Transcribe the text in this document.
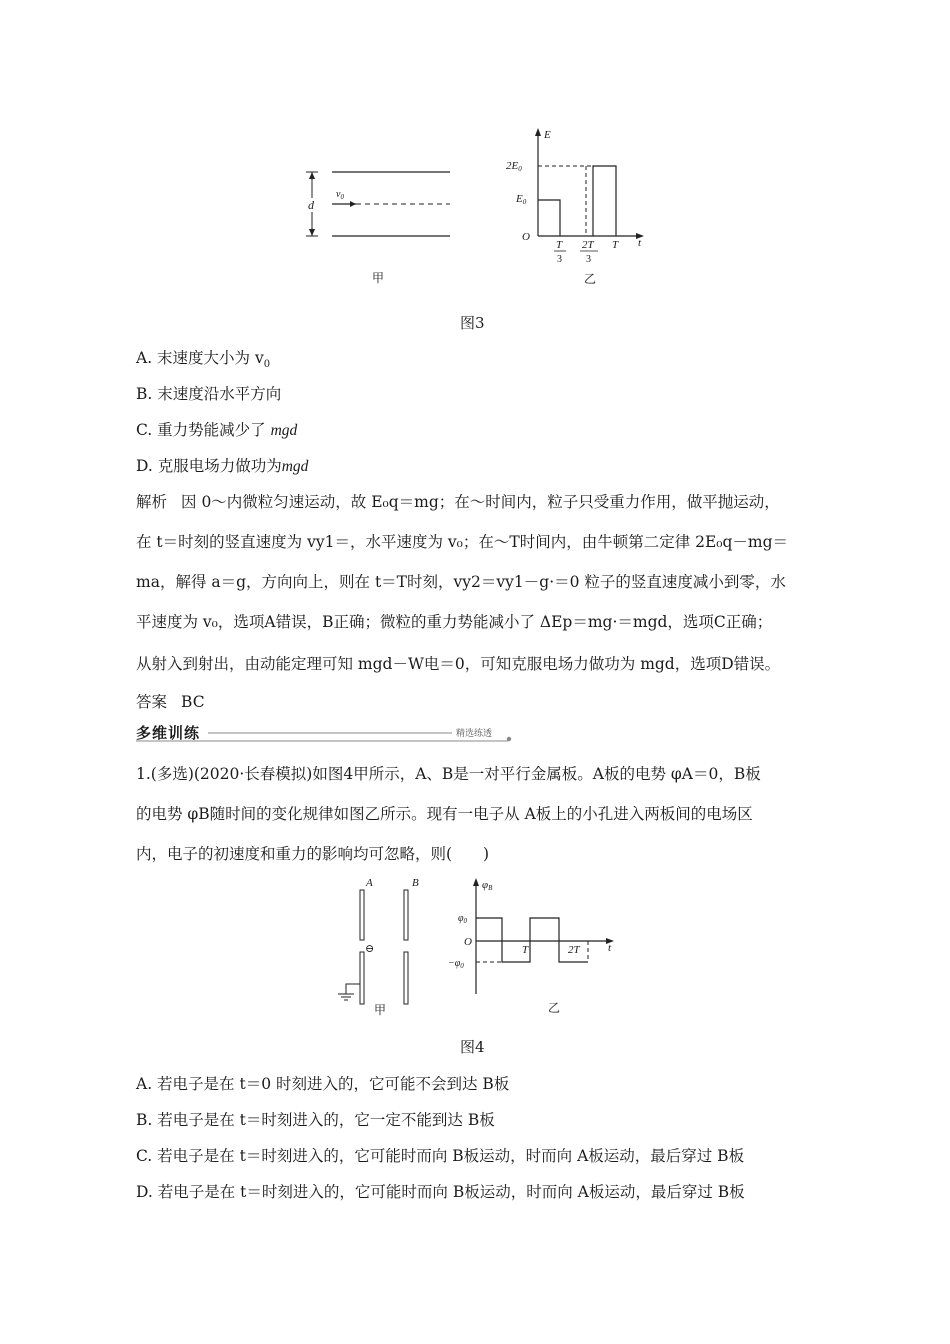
d
$v_0$
甲
E
t
O
2E0
E0
T
3
2T
3
T
乙
图3
A. 末速度大小为 $v_0$
B. 末速度沿水平方向
C. 重力势能减少了 mgd
D. 克服电场力做功为mgd
解析 因 0～内微粒匀速运动，故 E₀q＝mg；在～时间内，粒子只受重力作用，做平抛运动，
在 t＝时刻的竖直速度为 vy1＝，水平速度为 v₀；在～T时间内，由牛顿第二定律 2E₀q－mg＝
ma，解得 a＝g，方向向上，则在 t＝T时刻，vy2＝vy1－g·＝0 粒子的竖直速度减小到零，水
平速度为 v₀，选项A错误，B正确；微粒的重力势能减小了 ΔEp＝mg·＝mgd，选项C正确；
从射入到射出，由动能定理可知 mgd－W电＝0，可知克服电场力做功为 mgd，选项D错误。
答案 BC
多维训练	精选练透
1.(多选)(2020·长春模拟)如图4甲所示，A、B是一对平行金属板。A板的电势 φA＝0，B板
的电势 φB随时间的变化规律如图乙所示。现有一电子从 A板上的小孔进入两板间的电场区
内，电子的初速度和重力的影响均可忽略，则(　　)
A	B
⊖
甲
φB
t
O
$\varphi_0$
$-\varphi_0$
T	2T
乙
图4
A. 若电子是在 t＝0 时刻进入的，它可能不会到达 B板
B. 若电子是在 t＝时刻进入的，它一定不能到达 B板
C. 若电子是在 t＝时刻进入的，它可能时而向 B板运动，时而向 A板运动，最后穿过 B板
D. 若电子是在 t＝时刻进入的，它可能时而向 B板运动，时而向 A板运动，最后穿过 B板
